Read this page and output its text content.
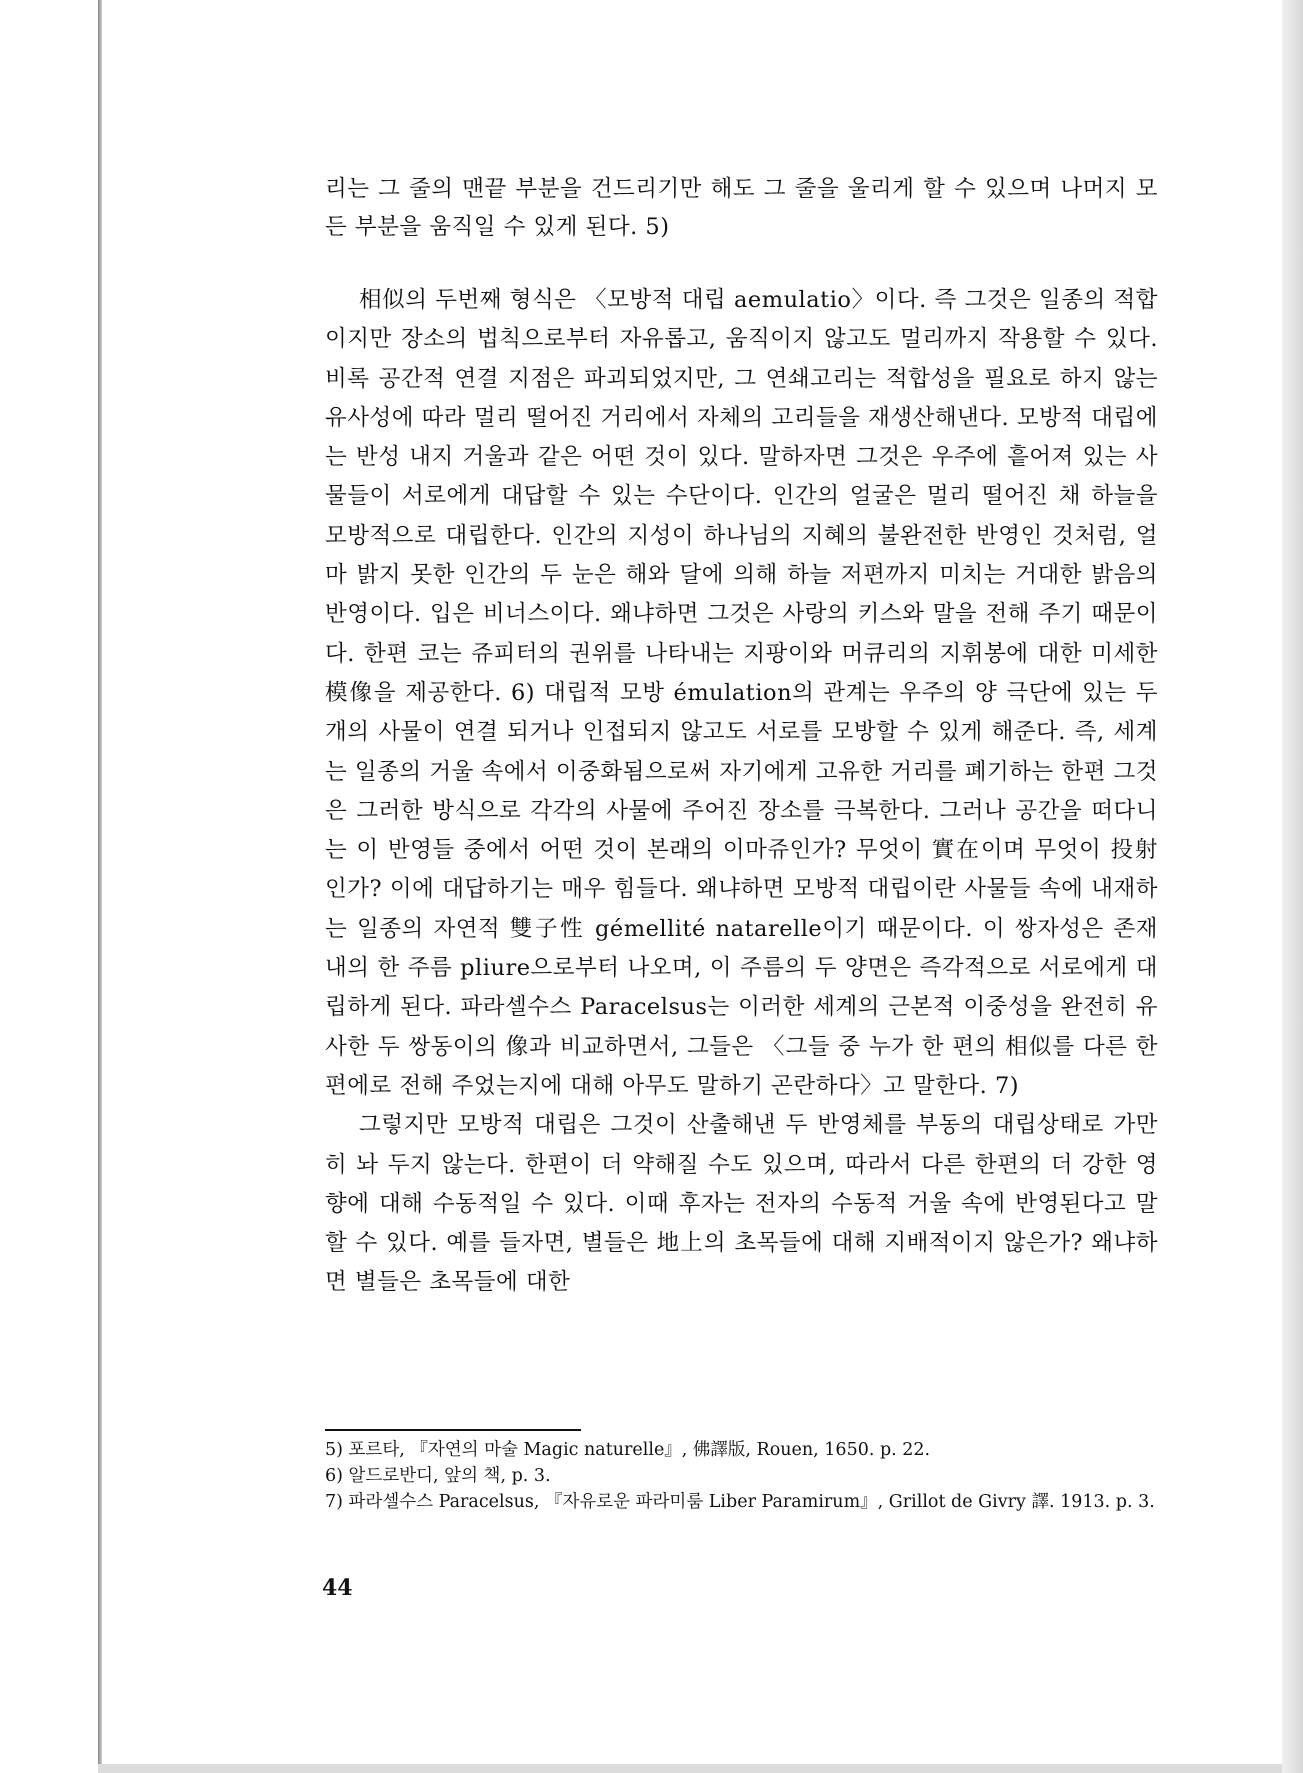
리는 그 줄의 맨끝 부분을 건드리기만 해도 그 줄을 울리게 할 수 있으며 나머지 모든 부분을 움직일 수 있게 된다. 5)

相似의 두번째 형식은 〈모방적 대립 aemulatio〉이다. 즉 그것은 일종의 적합이지만 장소의 법칙으로부터 자유롭고, 움직이지 않고도 멀리까지 작용할 수 있다. 비록 공간적 연결 지점은 파괴되었지만, 그 연쇄고리는 적합성을 필요로 하지 않는 유사성에 따라 멀리 떨어진 거리에서 자체의 고리들을 재생산해낸다. 모방적 대립에는 반성 내지 거울과 같은 어떤 것이 있다. 말하자면 그것은 우주에 흩어져 있는 사물들이 서로에게 대답할 수 있는 수단이다. 인간의 얼굴은 멀리 떨어진 채 하늘을 모방적으로 대립한다. 인간의 지성이 하나님의 지혜의 불완전한 반영인 것처럼, 얼마 밝지 못한 인간의 두 눈은 해와 달에 의해 하늘 저편까지 미치는 거대한 밝음의 반영이다. 입은 비너스이다. 왜냐하면 그것은 사랑의 키스와 말을 전해 주기 때문이다. 한편 코는 쥬피터의 권위를 나타내는 지팡이와 머큐리의 지휘봉에 대한 미세한 模像을 제공한다. 6) 대립적 모방 émulation의 관계는 우주의 양 극단에 있는 두 개의 사물이 연결 되거나 인접되지 않고도 서로를 모방할 수 있게 해준다. 즉, 세계는 일종의 거울 속에서 이중화됨으로써 자기에게 고유한 거리를 폐기하는 한편 그것은 그러한 방식으로 각각의 사물에 주어진 장소를 극복한다. 그러나 공간을 떠다니는 이 반영들 중에서 어떤 것이 본래의 이마쥬인가? 무엇이 實在이며 무엇이 投射인가? 이에 대답하기는 매우 힘들다. 왜냐하면 모방적 대립이란 사물들 속에 내재하는 일종의 자연적 雙子性 gémellité natarelle이기 때문이다. 이 쌍자성은 존재 내의 한 주름 pliure으로부터 나오며, 이 주름의 두 양면은 즉각적으로 서로에게 대립하게 된다. 파라셀수스 Paracelsus는 이러한 세계의 근본적 이중성을 완전히 유사한 두 쌍동이의 像과 비교하면서, 그들은 〈그들 중 누가 한 편의 相似를 다른 한편에로 전해 주었는지에 대해 아무도 말하기 곤란하다〉고 말한다. 7)

그렇지만 모방적 대립은 그것이 산출해낸 두 반영체를 부동의 대립상태로 가만히 놔 두지 않는다. 한편이 더 약해질 수도 있으며, 따라서 다른 한편의 더 강한 영향에 대해 수동적일 수 있다. 이때 후자는 전자의 수동적 거울 속에 반영된다고 말할 수 있다. 예를 들자면, 별들은 地上의 초목들에 대해 지배적이지 않은가? 왜냐하면 별들은 초목들에 대한

5) 포르타, 『자연의 마술 Magic naturelle』, 佛譯版, Rouen, 1650. p. 22.
6) 알드로반디, 앞의 책, p. 3.
7) 파라셀수스 Paracelsus, 『자유로운 파라미룸 Liber Paramirum』, Grillot de Givry 譯. 1913. p. 3.
44
